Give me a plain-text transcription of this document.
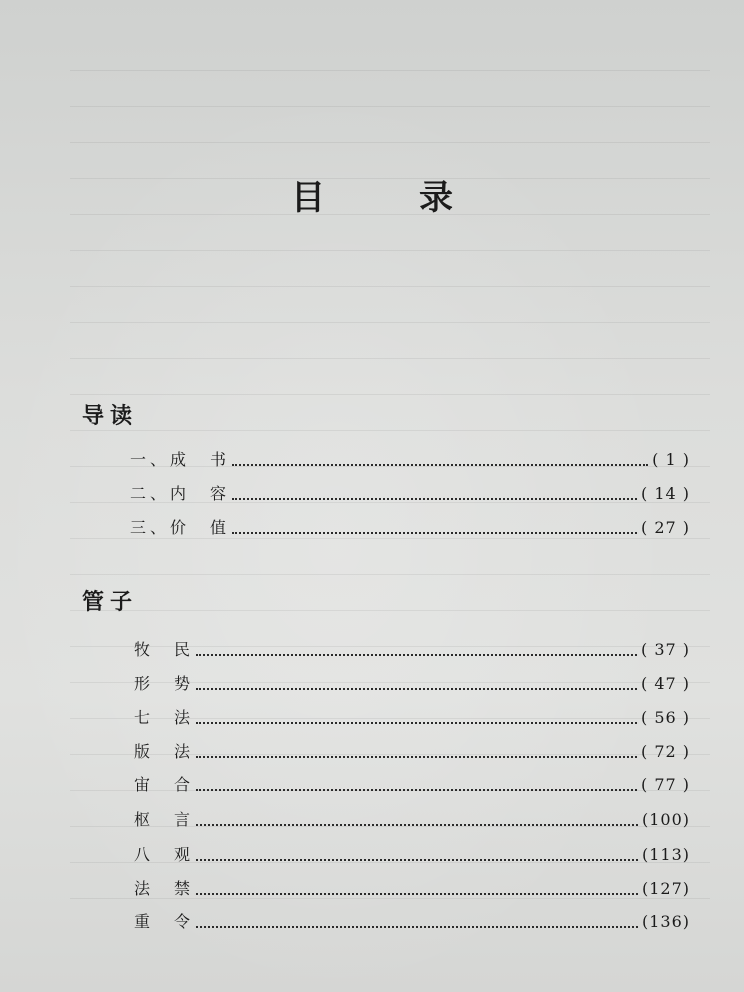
目　录
导读
一、成　书	( 1 )
二、内　容	( 14 )
三、价　值	( 27 )
管子
牧　民	( 37 )
形　势	( 47 )
七　法	( 56 )
版　法	( 72 )
宙　合	( 77 )
枢　言	(100)
八　观	(113)
法　禁	(127)
重　令	(136)
